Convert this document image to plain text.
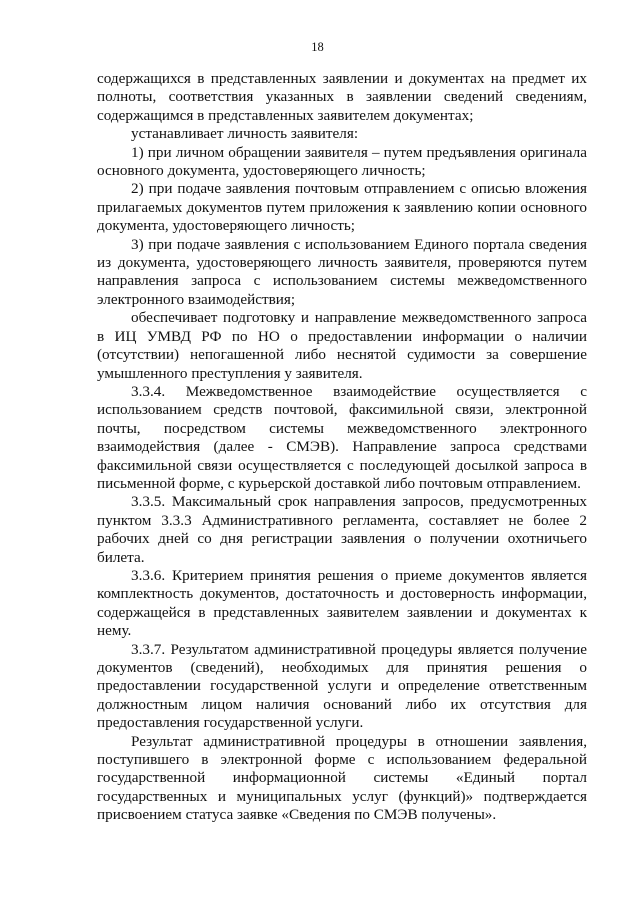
18

содержащихся в представленных заявлении и документах на предмет их полноты, соответствия указанных в заявлении сведений сведениям, содержащимся в представленных заявителем документах;

устанавливает личность заявителя:

1) при личном обращении заявителя – путем предъявления оригинала основного документа, удостоверяющего личность;

2) при подаче заявления почтовым отправлением с описью вложения прилагаемых документов путем приложения к заявлению копии основного документа, удостоверяющего личность;

3) при подаче заявления с использованием Единого портала сведения из документа, удостоверяющего личность заявителя, проверяются путем направления запроса с использованием системы межведомственного электронного взаимодействия;

обеспечивает подготовку и направление межведомственного запроса в ИЦ УМВД РФ по НО о предоставлении информации о наличии (отсутствии) непогашенной либо неснятой судимости за совершение умышленного преступления у заявителя.

3.3.4. Межведомственное взаимодействие осуществляется с использованием средств почтовой, факсимильной связи, электронной почты, посредством системы межведомственного электронного взаимодействия (далее - СМЭВ). Направление запроса средствами факсимильной связи осуществляется с последующей досылкой запроса в письменной форме, с курьерской доставкой либо почтовым отправлением.

3.3.5. Максимальный срок направления запросов, предусмотренных пунктом 3.3.3 Административного регламента, составляет не более 2 рабочих дней со дня регистрации заявления о получении охотничьего билета.

3.3.6. Критерием принятия решения о приеме документов является комплектность документов, достаточность и достоверность информации, содержащейся в представленных заявителем заявлении и документах к нему.

3.3.7. Результатом административной процедуры является получение документов (сведений), необходимых для принятия решения о предоставлении государственной услуги и определение ответственным должностным лицом наличия оснований либо их отсутствия для предоставления государственной услуги.

Результат административной процедуры в отношении заявления, поступившего в электронной форме с использованием федеральной государственной информационной системы «Единый портал государственных и муниципальных услуг (функций)» подтверждается присвоением статуса заявке «Сведения по СМЭВ получены».
